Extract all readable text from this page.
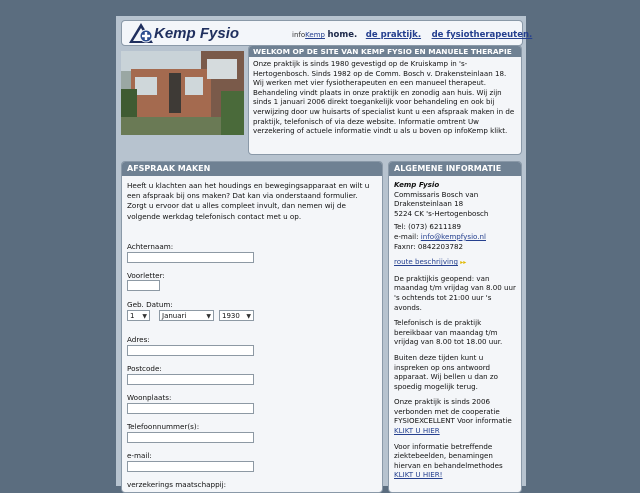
Kemp Fysio	infoKemp home. de praktijk. de fysiotherapeuten.
WELKOM OP DE SITE VAN KEMP FYSIO EN MANUELE THERAPIE
Onze praktijk is sinds 1980 gevestigd op de Kruiskamp in 's-Hertogenbosch. Sinds 1982 op de Comm. Bosch v. Drakensteinlaan 18. Wij werken met vier fysiotherapeuten en een manueel therapeut. Behandeling vindt plaats in onze praktijk en zonodig aan huis. Wij zijn sinds 1 januari 2006 direkt toegankelijk voor behandeling en ook bij verwijzing door uw huisarts of specialist kunt u een afspraak maken in de praktijk, telefonisch of via deze website. Informatie omtrent Uw verzekering of actuele informatie vindt u als u boven op infoKemp klikt.
AFSPRAAK MAKEN
Heeft u klachten aan het houdings en bewegingsapparaat en wilt u een afspraak bij ons maken? Dat kan via onderstaand formulier. Zorgt u ervoor dat u alles compleet invult, dan nemen wij de volgende werkdag telefonisch contact met u op.
Achternaam:
Voorletter:
Geb. Datum:
1 ▼	Januari	▼	1930 ▼
Adres:
Postcode:
Woonplaats:
Telefoonnummer(s):
e-mail:
verzekerings maatschappij:
ALGEMENE INFORMATIE

Kemp Fysio
Commissaris Bosch van Drakensteinlaan 18
5224 CK 's-Hertogenbosch

Tel: (073) 6211189
e-mail: info@kempfysio.nl
Faxnr: 0842203782

route beschrijving ▸▸

De praktijkis geopend: van maandag t/m vrijdag van 8.00 uur 's ochtends tot 21:00 uur 's avonds.

Telefonisch is de praktijk bereikbaar van maandag t/m vrijdag van 8.00 tot 18.00 uur.

Buiten deze tijden kunt u inspreken op ons antwoord apparaat. Wij bellen u dan zo spoedig mogelijk terug.

Onze praktijk is sinds 2006 verbonden met de cooperatie FYSIOEXCELLENT Voor informatie KLIKT U HIER

Voor informatie betreffende ziektebeelden, benamingen hiervan en behandelmethodes KLIKT U HIER!
